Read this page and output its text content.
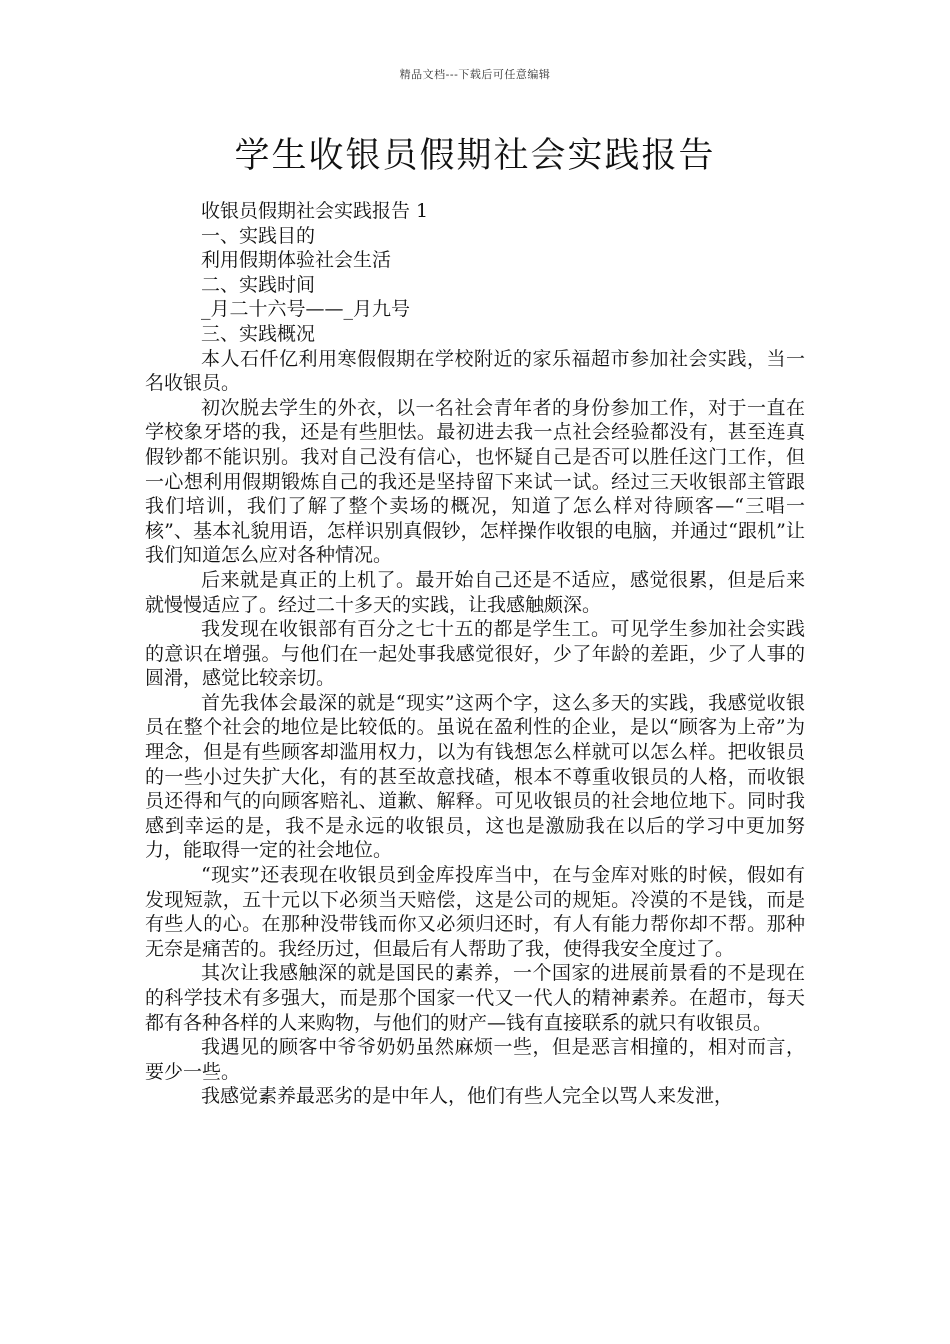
精品文档---下载后可任意编辑
学生收银员假期社会实践报告

收银员假期社会实践报告 1

一、实践目的

利用假期体验社会生活

二、实践时间

_月二十六号——_月九号

三、实践概况

本人石仟亿利用寒假假期在学校附近的家乐福超市参加社会实践，当一名收银员。

初次脱去学生的外衣，以一名社会青年者的身份参加工作，对于一直在学校象牙塔的我，还是有些胆怯。最初进去我一点社会经验都没有，甚至连真假钞都不能识别。我对自己没有信心，也怀疑自己是否可以胜任这门工作，但一心想利用假期锻炼自己的我还是坚持留下来试一试。经过三天收银部主管跟我们培训，我们了解了整个卖场的概况，知道了怎么样对待顾客—“三唱一核”、基本礼貌用语，怎样识别真假钞，怎样操作收银的电脑，并通过“跟机”让我们知道怎么应对各种情况。

后来就是真正的上机了。最开始自己还是不适应，感觉很累，但是后来就慢慢适应了。经过二十多天的实践，让我感触颇深。

我发现在收银部有百分之七十五的都是学生工。可见学生参加社会实践的意识在增强。与他们在一起处事我感觉很好，少了年龄的差距，少了人事的圆滑，感觉比较亲切。

首先我体会最深的就是“现实”这两个字，这么多天的实践，我感觉收银员在整个社会的地位是比较低的。虽说在盈利性的企业，是以“顾客为上帝”为理念，但是有些顾客却滥用权力，以为有钱想怎么样就可以怎么样。把收银员的一些小过失扩大化，有的甚至故意找碴，根本不尊重收银员的人格，而收银员还得和气的向顾客赔礼、道歉、解释。可见收银员的社会地位地下。同时我感到幸运的是，我不是永远的收银员，这也是激励我在以后的学习中更加努力，能取得一定的社会地位。

“现实”还表现在收银员到金库投库当中，在与金库对账的时候，假如有发现短款，五十元以下必须当天赔偿，这是公司的规矩。冷漠的不是钱，而是有些人的心。在那种没带钱而你又必须归还时，有人有能力帮你却不帮。那种无奈是痛苦的。我经历过，但最后有人帮助了我，使得我安全度过了。

其次让我感触深的就是国民的素养，一个国家的进展前景看的不是现在的科学技术有多强大，而是那个国家一代又一代人的精神素养。在超市，每天都有各种各样的人来购物，与他们的财产—钱有直接联系的就只有收银员。

我遇见的顾客中爷爷奶奶虽然麻烦一些，但是恶言相撞的，相对而言，要少一些。

我感觉素养最恶劣的是中年人，他们有些人完全以骂人来发泄，
